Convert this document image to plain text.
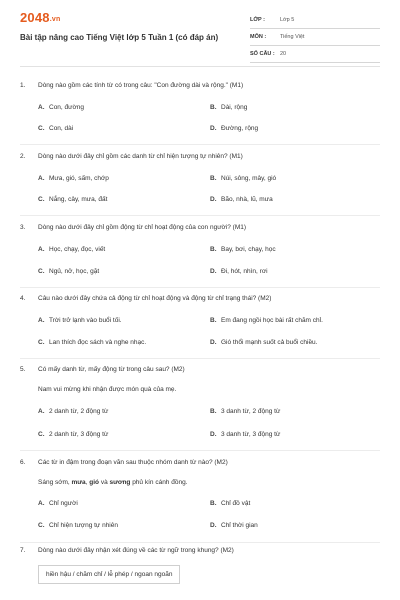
2048.vn
Bài tập nâng cao Tiếng Việt lớp 5 Tuần 1 (có đáp án)
LỚP :	Lớp 5
MÔN :	Tiếng Việt
SỐ CÂU : 20
1. Dòng nào gồm các tính từ có trong câu: "Con đường dài và rộng." (M1)
A. Con, đường	B. Dài, rộng
C. Con, dài	D. Đường, rộng
2. Dòng nào dưới đây chỉ gồm các danh từ chỉ hiện tượng tự nhiên? (M1)
A. Mưa, gió, sấm, chớp	B. Núi, sông, mây, gió
C. Nắng, cây, mưa, đất	D. Bão, nhà, lũ, mưa
3. Dòng nào dưới đây chỉ gồm động từ chỉ hoạt động của con người? (M1)
A. Học, chạy, đọc, viết	B. Bay, bơi, chạy, học
C. Ngủ, nở, học, gặt	D. Đi, hót, nhìn, rơi
4. Câu nào dưới đây chứa cả động từ chỉ hoạt động và động từ chỉ trạng thái? (M2)
A. Trời trở lạnh vào buổi tối.	B. Em đang ngồi học bài rất chăm chỉ.
C. Lan thích đọc sách và nghe nhạc.	D. Gió thổi mạnh suốt cả buổi chiều.
5. Có mấy danh từ, mấy động từ trong câu sau? (M2)
Nam vui mừng khi nhận được món quà của mẹ.
A. 2 danh từ, 2 động từ	B. 3 danh từ, 2 động từ
C. 2 danh từ, 3 động từ	D. 3 danh từ, 3 động từ
6. Các từ in đậm trong đoạn văn sau thuộc nhóm danh từ nào? (M2)
Sáng sớm, mưa, gió và sương phủ kín cánh đồng.
A. Chỉ người	B. Chỉ đồ vật
C. Chỉ hiện tượng tự nhiên	D. Chỉ thời gian
7. Dòng nào dưới đây nhận xét đúng về các từ ngữ trong khung? (M2)
hiền hậu / chăm chỉ / lễ phép / ngoan ngoãn
